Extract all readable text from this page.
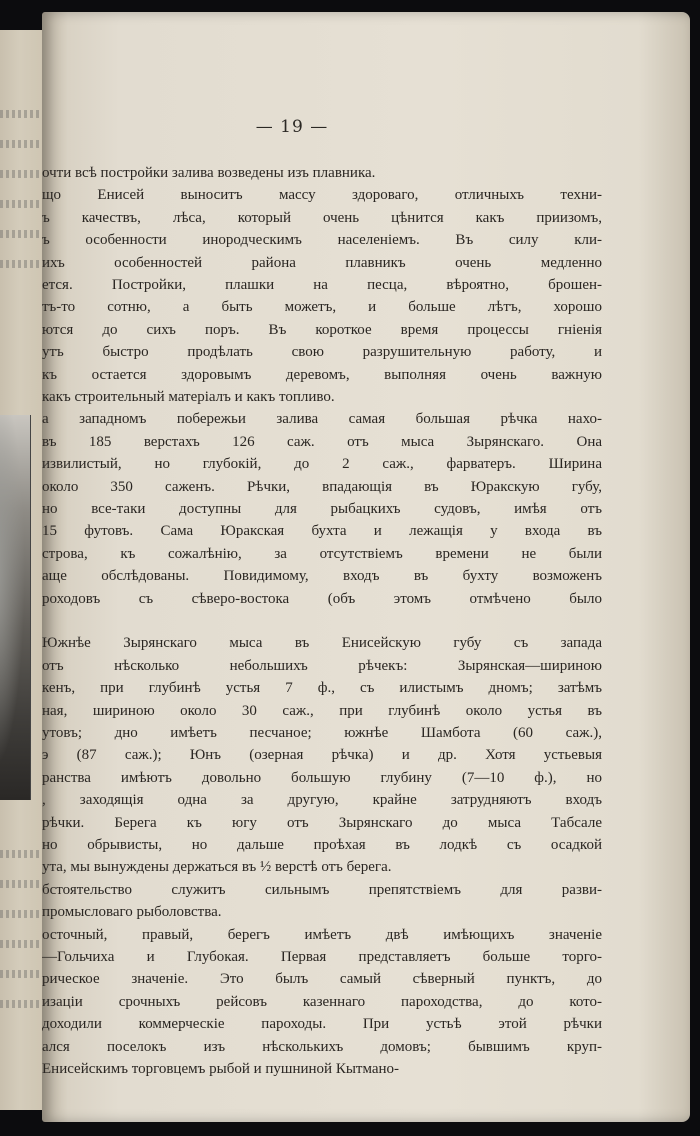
— 19 —
очти всѣ постройки залива возведены изъ плавника.
що Енисей выноситъ массу здороваго, отличныхъ техни-
ъ качествъ, лѣса, который очень цѣнится какъ приизомъ,
ъ особенности инородческимъ населеніемъ. Въ силу кли-
ихъ особенностей района плавникъ очень медленно
ется. Постройки, плашки на песца, вѣроятно, брошен-
тъ-то сотню, а быть можетъ, и больше лѣтъ, хорошо
ются до сихъ поръ. Въ короткое время процессы гніенія
утъ быстро продѣлать свою разрушительную работу, и
къ остается здоровымъ деревомъ, выполняя очень важную
какъ строительный матеріалъ и какъ топливо.
а западномъ побережьи залива самая большая рѣчка нахо-
въ 185 верстахъ 126 саж. отъ мыса Зырянскаго. Она
извилистый, но глубокій, до 2 саж., фарватеръ. Ширина
около 350 саженъ. Рѣчки, впадающія въ Юракскую губу,
но все-таки доступны для рыбацкихъ судовъ, имѣя отъ
15 футовъ. Сама Юракская бухта и лежащія у входа въ
строва, къ сожалѣнію, за отсутствіемъ времени не были
аще обслѣдованы. Повидимому, входъ въ бухту возможенъ
роходовъ съ сѣверо-востока (объ этомъ отмѣчено было
Южнѣе Зырянскаго мыса въ Енисейскую губу съ запада
отъ нѣсколько небольшихъ рѣчекъ: Зырянская—шириною
кенъ, при глубинѣ устья 7 ф., съ илистымъ дномъ; затѣмъ
ная, шириною около 30 саж., при глубинѣ около устья въ
утовъ; дно имѣетъ песчаное; южнѣе Шамбота (60 саж.),
э (87 саж.); Юнъ (озерная рѣчка) и др. Хотя устьевыя
ранства имѣютъ довольно большую глубину (7—10 ф.), но
, заходящія одна за другую, крайне затрудняютъ входъ
рѣчки. Берега къ югу отъ Зырянскаго до мыса Табсале
но обрывисты, но дальше проѣхая въ лодкѣ съ осадкой
ута, мы вынуждены держаться въ ½ верстѣ отъ берега.
бстоятельство служитъ сильнымъ препятствіемъ для разви-
промысловаго рыболовства.
осточный, правый, берегъ имѣетъ двѣ имѣющихъ значеніе
—Гольчиха и Глубокая. Первая представляетъ больше торго-
рическое значеніе. Это былъ самый сѣверный пунктъ, до
изаціи срочныхъ рейсовъ казеннаго пароходства, до кото-
доходили коммерческіе пароходы. При устьѣ этой рѣчки
ался поселокъ изъ нѣсколькихъ домовъ; бывшимъ круп-
Енисейскимъ торговцемъ рыбой и пушниной Кытмано-
